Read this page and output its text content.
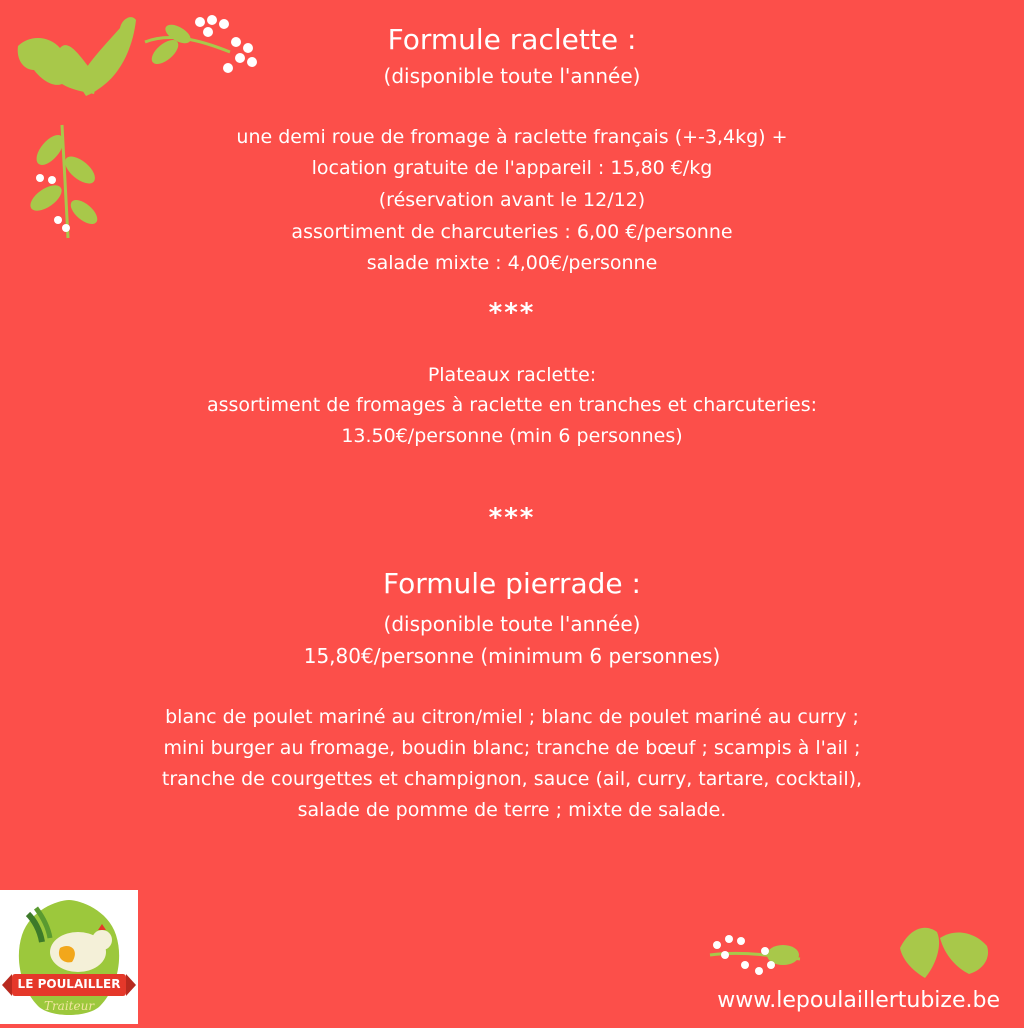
Formule raclette :
(disponible toute l'année)
une demi roue de fromage à raclette français (+-3,4kg) +
location gratuite de l'appareil : 15,80 €/kg
(réservation avant le 12/12)
assortiment de charcuteries : 6,00 €/personne
salade mixte : 4,00€/personne
***
Plateaux raclette:
assortiment de fromages à raclette en tranches et charcuteries:
13.50€/personne (min 6 personnes)
***
Formule pierrade :
(disponible toute l'année)
15,80€/personne (minimum 6 personnes)
blanc de poulet mariné au citron/miel ; blanc de poulet mariné au curry ;
mini burger au fromage, boudin blanc; tranche de bœuf ; scampis à l'ail ;
tranche de courgettes et champignon, sauce (ail, curry, tartare, cocktail),
salade de pomme de terre ; mixte de salade.
LE POULAILLER
Traiteur	www.lepoulaillertubize.be
